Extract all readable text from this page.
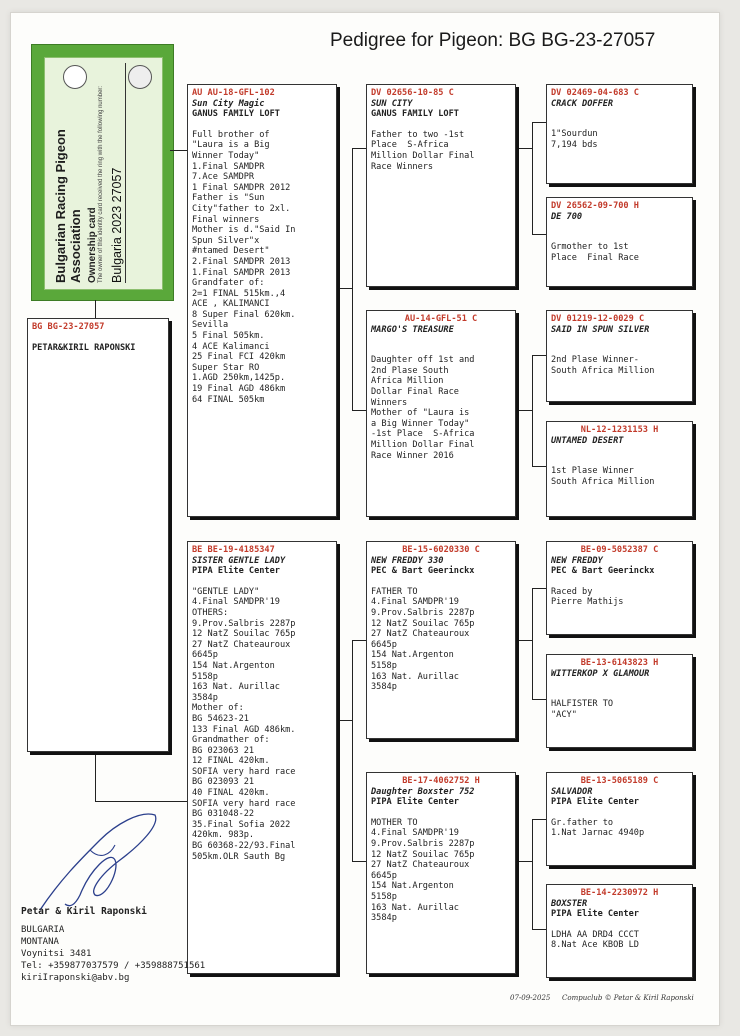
Pedigree for Pigeon: BG BG-23-27057
Bulgarian Racing Pigeon Association Ownership card The owner of this identity card received the ring with the following number: Bulgaria 2023 27057
BG BG-23-27057
PETAR&KIRIL RAPONSKI
AU AU-18-GFL-102
Sun City Magic
GANUS FAMILY LOFT
Full brother of
"Laura is a Big
Winner Today"
1.Final SAMDPR
7.Ace SAMDPR
1 Final SAMDPR 2012
Father is "Sun
City"father to 2xl.
Final winners
Mother is d."Said In
Spun Silver"x
#ntamed Desert"
2.Final SAMDPR 2013
1.Final SAMDPR 2013
Grandfater of:
2=1 FINAL 515km.,4
ACE , KALIMANCI
8 Super Final 620km.
Sevilla
5 Final 505km.
4 ACE Kalimanci
25 Final FCI 420km
Super Star RO
1.AGD 250km,1425p.
19 Final AGD 486km
64 FINAL 505km
BE BE-19-4185347
SISTER GENTLE LADY
PIPA Elite Center
"GENTLE LADY"
4.Final SAMDPR'19
OTHERS:
9.Prov.Salbris 2287p
12 NatZ Souilac 765p
27 NatZ Chateauroux
6645p
154 Nat.Argenton
5158p
163 Nat. Aurillac
3584p
Mother of:
BG 54623-21
133 Final AGD 486km.
Grandmather of:
BG 023063 21
12 FINAL 420km.
SOFIA very hard race
BG 023093 21
40 FINAL 420km.
SOFIA very hard race
BG 031048-22
35.Final Sofia 2022
420km. 983p.
BG 60368-22/93.Final
505km.OLR Sauth Bg
DV 02656-10-85 C
SUN CITY
GANUS FAMILY LOFT
Father to two -1st
Place  S-Africa
Million Dollar Final
Race Winners
AU-14-GFL-51 C
MARGO'S TREASURE
Daughter off 1st and
2nd Plase South
Africa Million
Dollar Final Race
Winners
Mother of "Laura is
a Big Winner Today"
-1st Place  S-Africa
Million Dollar Final
Race Winner 2016
BE-15-6020330 C
NEW FREDDY 330
PEC & Bart Geerinckx
FATHER TO
4.Final SAMDPR'19
9.Prov.Salbris 2287p
12 NatZ Souilac 765p
27 NatZ Chateauroux
6645p
154 Nat.Argenton
5158p
163 Nat. Aurillac
3584p
BE-17-4062752 H
Daughter Boxster 752
PIPA Elite Center
MOTHER TO
4.Final SAMDPR'19
9.Prov.Salbris 2287p
12 NatZ Souilac 765p
27 NatZ Chateauroux
6645p
154 Nat.Argenton
5158p
163 Nat. Aurillac
3584p
DV 02469-04-683 C
CRACK DOFFER
1"Sourdun
7,194 bds
DV 26562-09-700 H
DE 700
Grmother to 1st
Place  Final Race
DV 01219-12-0029 C
SAID IN SPUN SILVER
2nd Plase Winner-
South Africa Million
NL-12-1231153 H
UNTAMED DESERT
1st Plase Winner
South Africa Million
BE-09-5052387 C
NEW FREDDY
PEC & Bart Geerinckx
Raced by
Pierre Mathijs
BE-13-6143823 H
WITTERKOP X GLAMOUR
HALFISTER TO
"ACY"
BE-13-5065189 C
SALVADOR
PIPA Elite Center
Gr.father to
1.Nat Jarnac 4940p
BE-14-2230972 H
BOXSTER
PIPA Elite Center
LDHA AA DRD4 CCCT
8.Nat Ace KBOB LD
Petar & Kiril Raponski
BULGARIA
MONTANA
Voynitsi 3481
Tel: +359877037579 / +359888751561
kiriIraponski@abv.bg
07-09-2025 Compuclub © Petar & Kiril Raponski
